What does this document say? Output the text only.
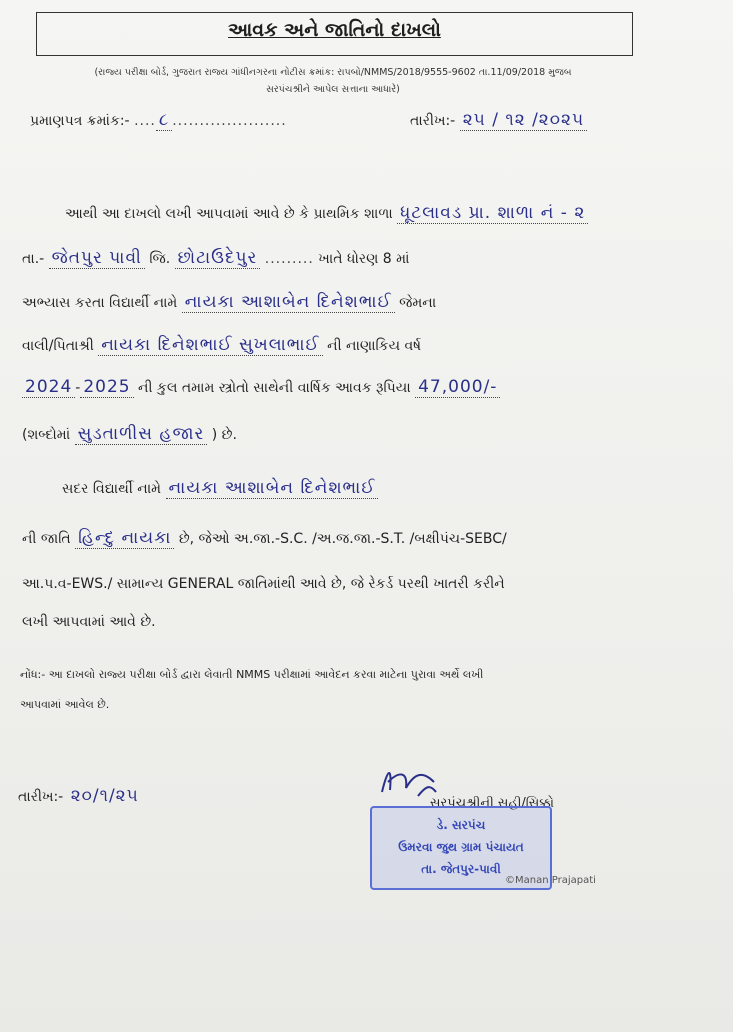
આવક અને જાતિનો દાખલો
(રાજ્ય પરીક્ષા બોર્ડ, ગુજરાત રાજ્ય ગાંધીનગરના નોટીસ ક્રમાંક: રાપબો/NMMS/2018/9555-9602 તા.11/09/2018 મુજબ
સરપંચશ્રીને આપેલ સત્તાના આધારે)
પ્રમાણપત્ર ક્રમાંક:- .... ૮ .....................	તારીખ:- ૨૫ / ૧૨ /૨૦૨૫
આથી આ દાખલો લખી આપવામાં આવે છે કે પ્રાથમિક શાળા ધૂટલાવડ પ્રા. શાળા નં - ૨
તા.- જેતપુર પાવી જિ. છોટાઉદેપુર ......... ખાતે ધોરણ 8 માં
અભ્યાસ કરતા વિદ્યાર્થી નામે નાયકા આશાબેન દિનેશભાઈ જેમના
વાલી/પિતાશ્રી નાયકા દિનેશભાઈ સુખલાભાઈ ની નાણાકિય વર્ષ
2024 - 2025 ની કુલ તમામ સ્ત્રોતો સાથેની વાર્ષિક આવક રૂપિયા 47,000/-
(શબ્દોમાં સુડતાળીસ હજાર ) છે.
સદર વિદ્યાર્થી નામે નાયકા આશાબેન દિનેશભાઈ
ની જાતિ હિન્દુ નાયકા છે, જેઓ અ.જા.-S.C. /અ.જ.જા.-S.T. /બક્ષીપંચ-SEBC/
આ.પ.વ-EWS./ સામાન્ય GENERAL જાતિમાંથી આવે છે, જે રેકર્ડ પરથી ખાતરી કરીને
લખી આપવામાં આવે છે.
નોંધ:- આ દાખલો રાજ્ય પરીક્ષા બોર્ડ દ્વારા લેવાતી NMMS પરીક્ષામાં આવેદન કરવા માટેના પુરાવા અર્થે લખી
આપવામાં આવેલ છે.
તારીખ:- ૨૦/૧/૨૫	સરપંચશ્રીની સહી/સિક્કો
ડે. સરપંચ
ઉમરવા જુથ ગ્રામ પંચાયત
તા. જેતપુર-પાવી
©Manan Prajapati
